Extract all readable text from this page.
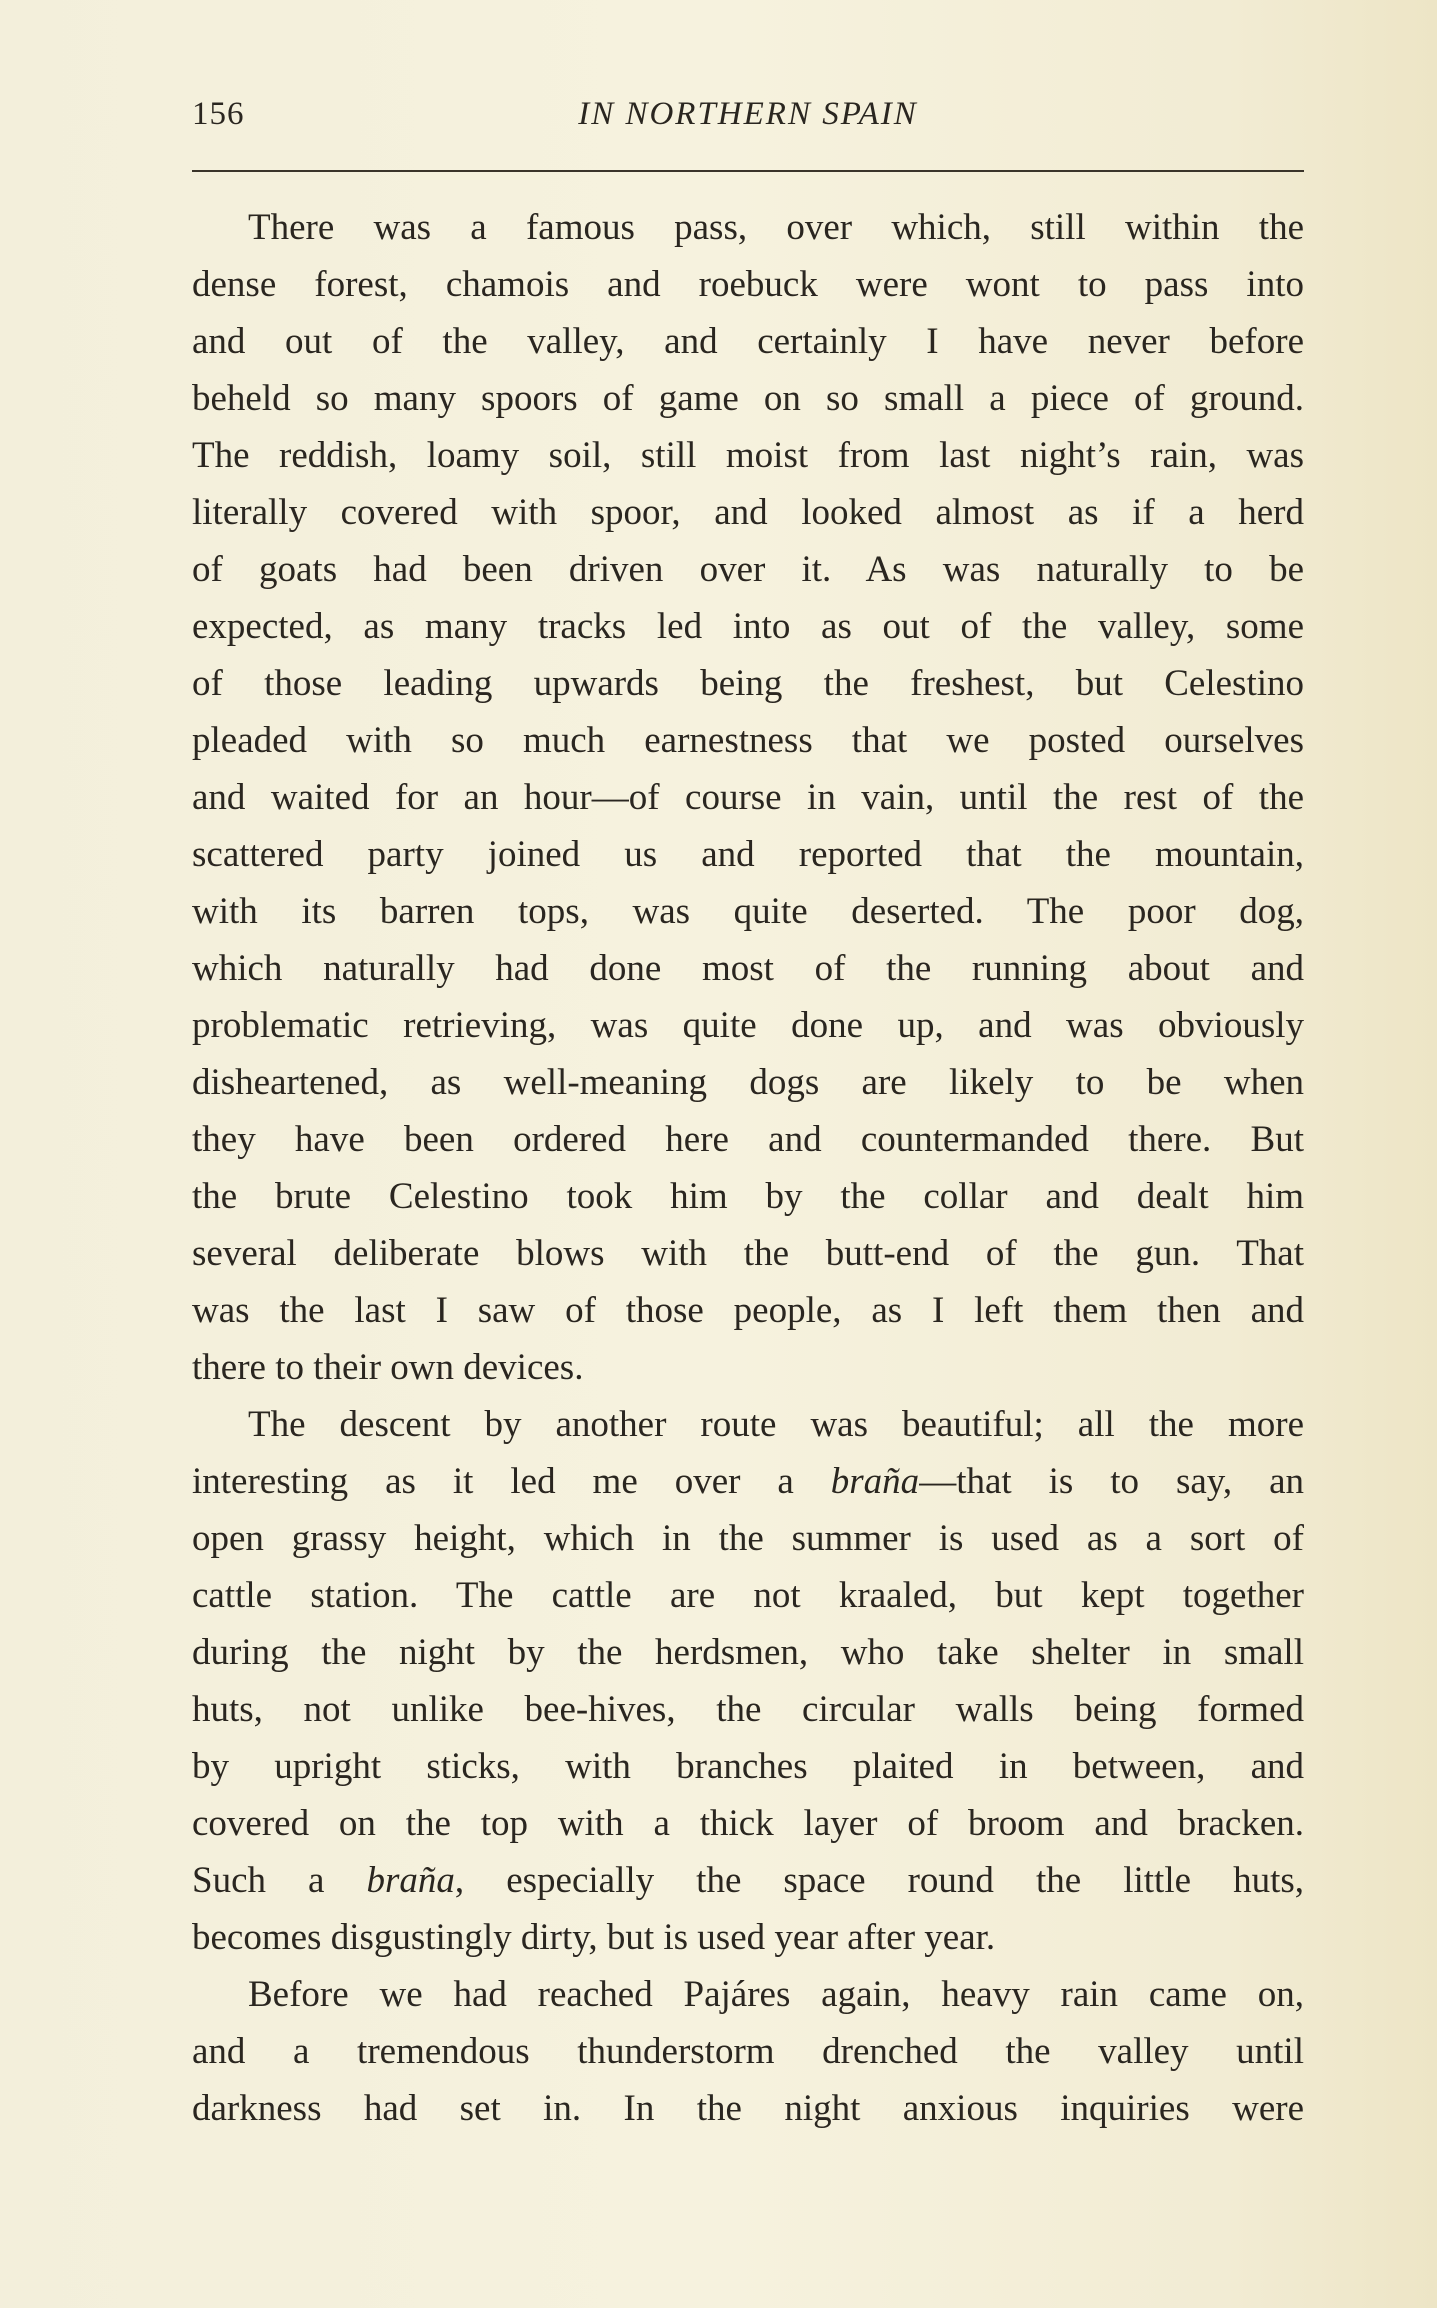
156	IN NORTHERN SPAIN
There was a famous pass, over which, still within the
dense forest, chamois and roebuck were wont to pass into
and out of the valley, and certainly I have never before
beheld so many spoors of game on so small a piece of ground.
The reddish, loamy soil, still moist from last night’s rain, was
literally covered with spoor, and looked almost as if a herd
of goats had been driven over it. As was naturally to be
expected, as many tracks led into as out of the valley, some
of those leading upwards being the freshest, but Celestino
pleaded with so much earnestness that we posted ourselves
and waited for an hour—of course in vain, until the rest of the
scattered party joined us and reported that the mountain,
with its barren tops, was quite deserted. The poor dog,
which naturally had done most of the running about and
problematic retrieving, was quite done up, and was obviously
disheartened, as well-meaning dogs are likely to be when
they have been ordered here and countermanded there. But
the brute Celestino took him by the collar and dealt him
several deliberate blows with the butt-end of the gun. That
was the last I saw of those people, as I left them then and
there to their own devices.
The descent by another route was beautiful; all the more
interesting as it led me over a braña—that is to say, an
open grassy height, which in the summer is used as a sort of
cattle station. The cattle are not kraaled, but kept together
during the night by the herdsmen, who take shelter in small
huts, not unlike bee-hives, the circular walls being formed
by upright sticks, with branches plaited in between, and
covered on the top with a thick layer of broom and bracken.
Such a braña, especially the space round the little huts,
becomes disgustingly dirty, but is used year after year.
Before we had reached Pajáres again, heavy rain came on,
and a tremendous thunderstorm drenched the valley until
darkness had set in. In the night anxious inquiries were
